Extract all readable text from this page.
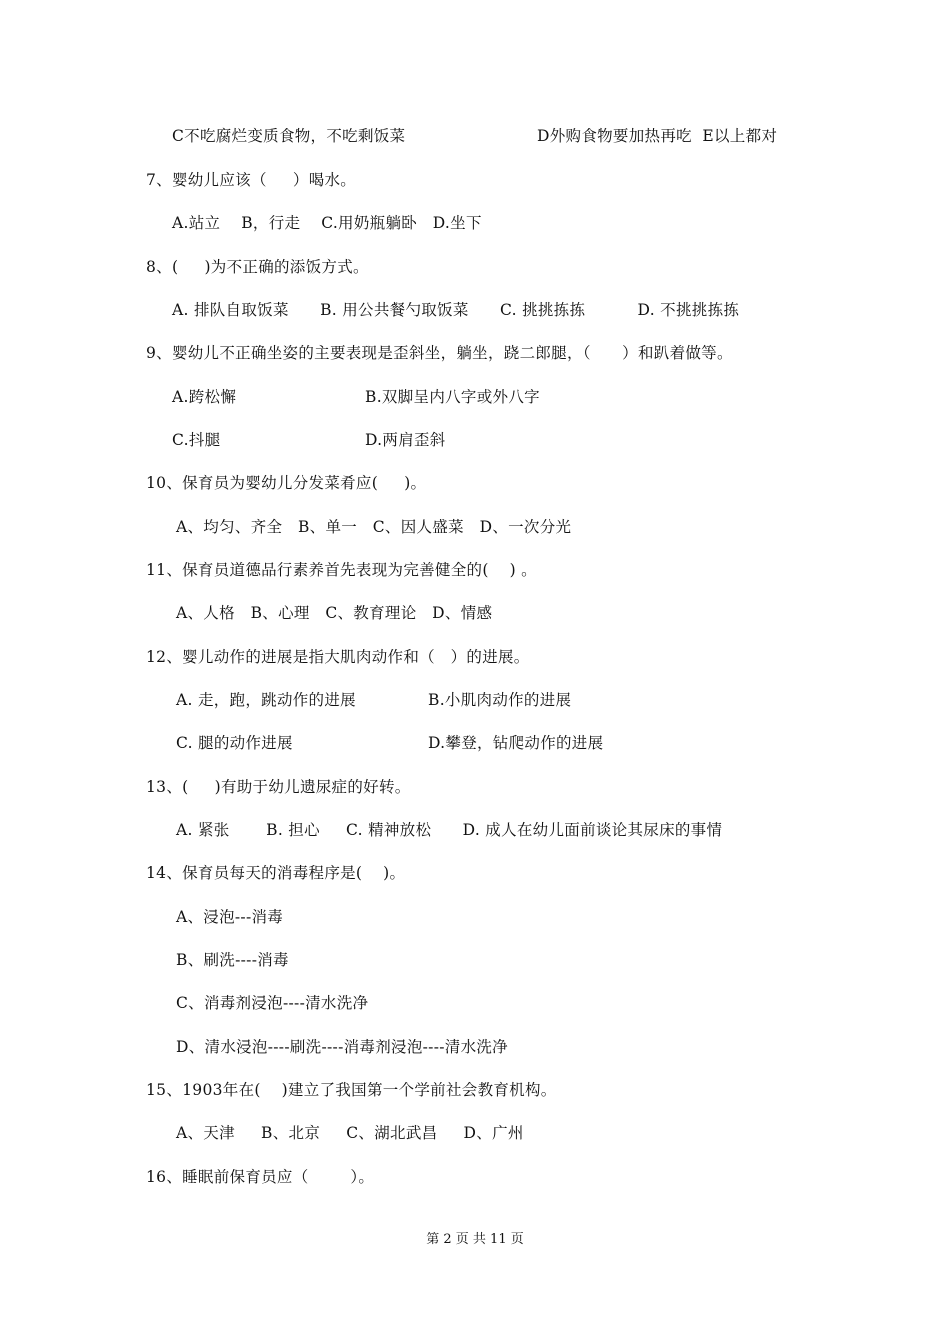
C不吃腐烂变质食物，不吃剩饭菜	D外购食物要加热再吃  E以上都对
7、婴幼儿应该（     ）喝水。
A.站立    B，行走    C.用奶瓶躺卧   D.坐下
8、(     )为不正确的添饭方式。
A. 排队自取饭菜      B. 用公共餐勺取饭菜      C. 挑挑拣拣          D. 不挑挑拣拣
9、婴幼儿不正确坐姿的主要表现是歪斜坐，躺坐，跷二郎腿，（      ）和趴着做等。
A.跨松懈	B.双脚呈内八字或外八字
C.抖腿	D.两肩歪斜
10、保育员为婴幼儿分发菜肴应(     )。
A、均匀、齐全   B、单一   C、因人盛菜   D、一次分光
11、保育员道德品行素养首先表现为完善健全的(    ) 。
A、人格   B、心理   C、教育理论   D、情感
12、婴儿动作的进展是指大肌肉动作和（   ）的进展。
A. 走，跑，跳动作的进展	B.小肌肉动作的进展
C. 腿的动作进展	D.攀登，钻爬动作的进展
13、(     )有助于幼儿遗尿症的好转。
A. 紧张       B. 担心     C. 精神放松      D. 成人在幼儿面前谈论其尿床的事情
14、保育员每天的消毒程序是(    )。
A、浸泡---消毒
B、刷洗----消毒
C、消毒剂浸泡----清水洗净
D、清水浸泡----刷洗----消毒剂浸泡----清水洗净
15、1903年在(    )建立了我国第一个学前社会教育机构。
A、天津     B、北京     C、湖北武昌     D、广州
16、睡眠前保育员应（        ）。
第 2 页 共 11 页
